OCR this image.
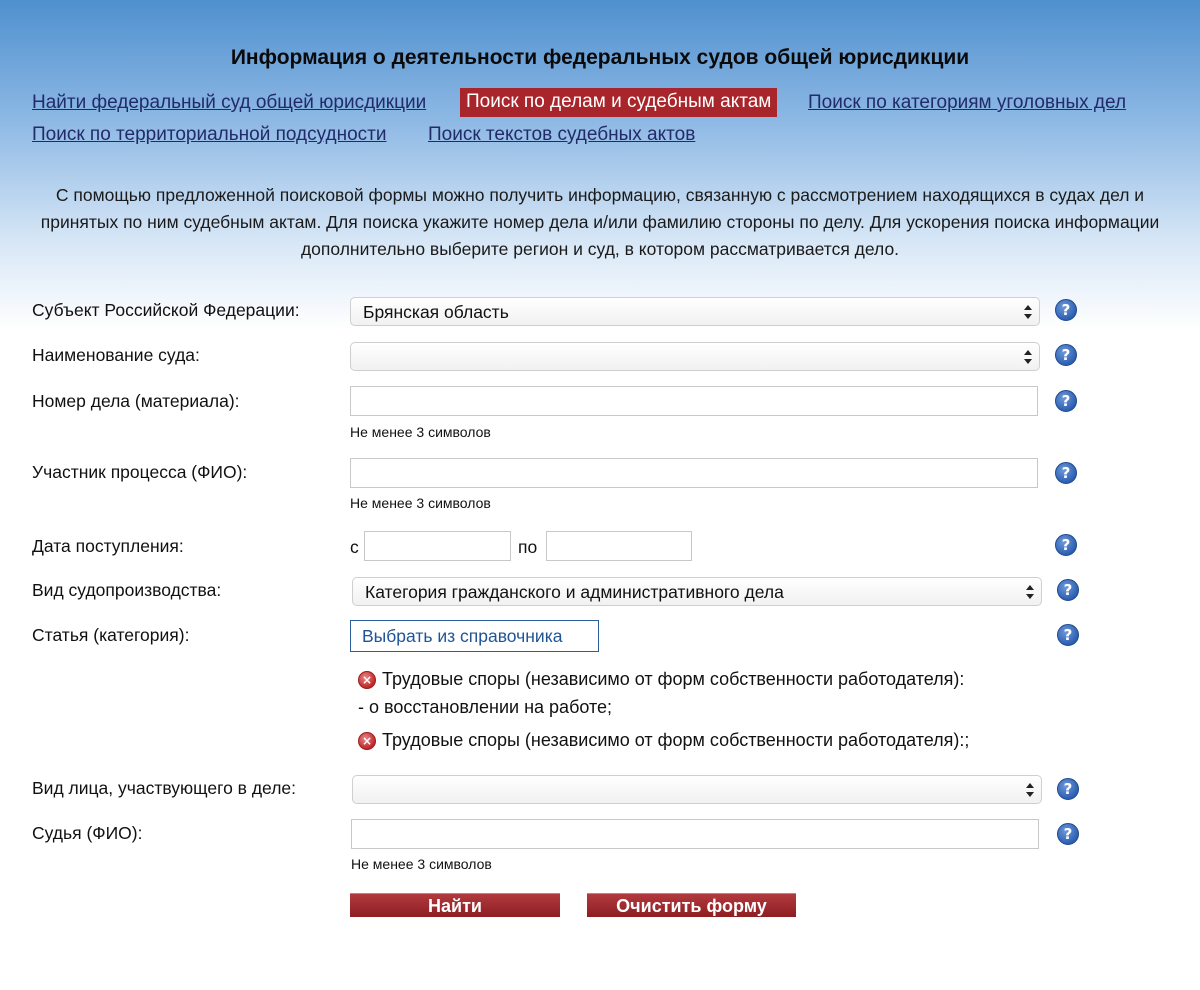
Информация о деятельности федеральных судов общей юрисдикции
Найти федеральный суд общей юрисдикции	Поиск по делам и судебным актам	Поиск по категориям уголовных дел
Поиск по территориальной подсудности Поиск текстов судебных актов
С помощью предложенной поисковой формы можно получить информацию, связанную с рассмотрением находящихся в судах дел и принятых по ним судебным актам. Для поиска укажите номер дела и/или фамилию стороны по делу. Для ускорения поиска информации дополнительно выберите регион и суд, в котором рассматривается дело.
Субъект Российской Федерации:	Брянская область	?
Наименование суда:	?
Номер дела (материала):
Не менее 3 символов
?
Участник процесса (ФИО):
Не менее 3 символов
?
Дата поступления:	с	по	?
Вид судопроизводства:	Категория гражданского и административного дела	?
Статья (категория):	Выбрать из справочника	?
× Трудовые споры (независимо от форм собственности работодателя):
- о восстановлении на работе;
× Трудовые споры (независимо от форм собственности работодателя):;
Вид лица, участвующего в деле:	?
Судья (ФИО):
Не менее 3 символов
?
Найти	Очистить форму
